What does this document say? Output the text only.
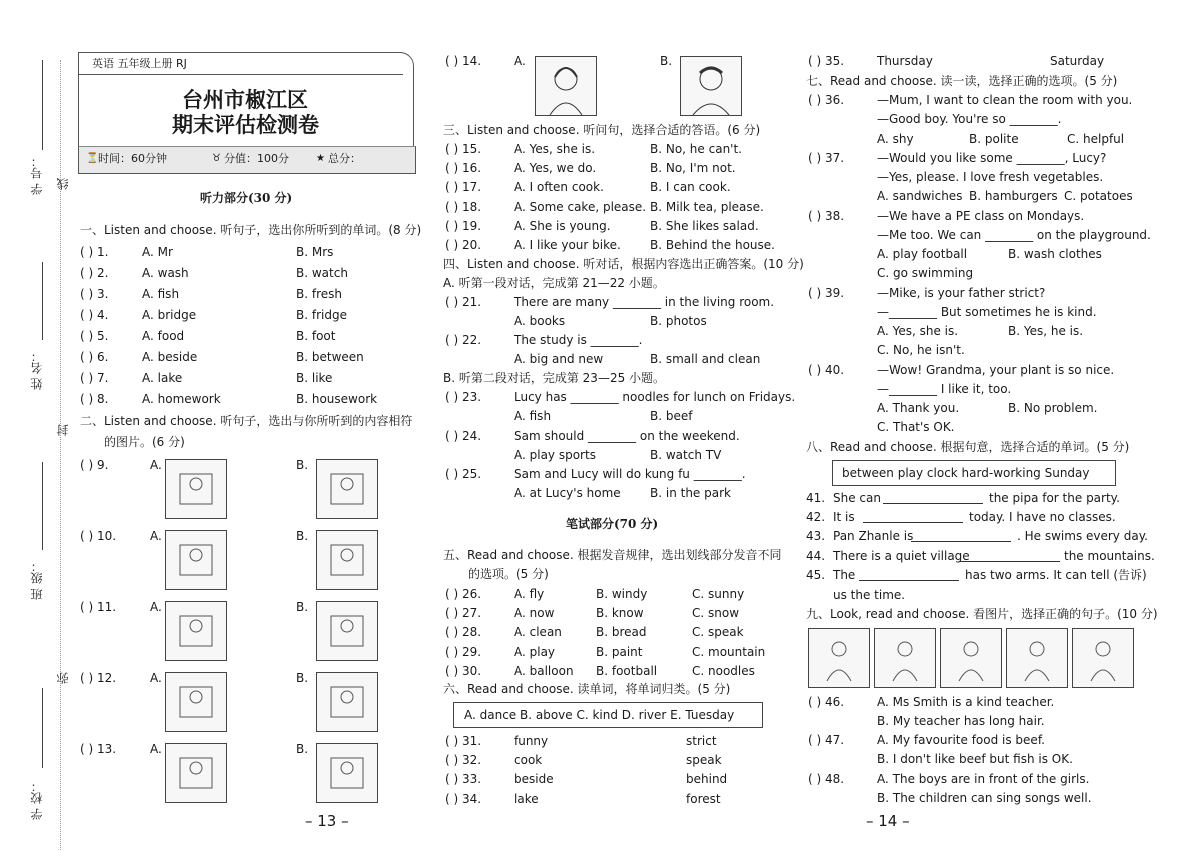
学 号： 线
姓 名：
封
班 级：
弥
学 校：
英语 五年级上册 RJ
台州市椒江区
期末评估检测卷
⏳ 时间：60分钟	♉ 分值：100分	★ 总分：
听力部分(30 分)
一、Listen and choose. 听句子，选出你所听到的单词。(8 分)
( ) 1.	A. Mr	B. Mrs
( ) 2.	A. wash	B. watch
( ) 3.	A. fish	B. fresh
( ) 4.	A. bridge	B. fridge
( ) 5.	A. food	B. foot
( ) 6.	A. beside	B. between
( ) 7.	A. lake	B. like
( ) 8.	A. homework	B. housework
二、Listen and choose. 听句子，选出与你所听到的内容相符
的图片。(6 分)
( ) 9.	A.	B.
( ) 10.	A.	B.
( ) 11.	A.	B.
( ) 12.	A.	B.
( ) 13.	A.	B.
– 13 –
( ) 14.	A.	B.
三、Listen and choose. 听问句，选择合适的答语。(6 分)
( ) 15.	A. Yes, she is.	B. No, he can't.
( ) 16.	A. Yes, we do.	B. No, I'm not.
( ) 17.	A. I often cook.	B. I can cook.
( ) 18.	A. Some cake, please. B. Milk tea, please.
( ) 19.	A. She is young.	B. She likes salad.
( ) 20.	A. I like your bike. B. Behind the house.
四、Listen and choose. 听对话，根据内容选出正确答案。(10 分)
A. 听第一段对话，完成第 21—22 小题。
( ) 21.	There are many ________ in the living room.
A. books	B. photos
( ) 22.	The study is ________.
A. big and new	B. small and clean
B. 听第二段对话，完成第 23—25 小题。
( ) 23.	Lucy has ________ noodles for lunch on Fridays.
A. fish	B. beef
( ) 24.	Sam should ________ on the weekend.
A. play sports	B. watch TV
( ) 25.	Sam and Lucy will do kung fu ________.
A. at Lucy's home B. in the park
笔试部分(70 分)
五、Read and choose. 根据发音规律，选出划线部分发音不同
的选项。(5 分)
( ) 26.	A. fly	B. windy	C. sunny
( ) 27.	A. now	B. know	C. snow
( ) 28.	A. clean	B. bread	C. speak
( ) 29.	A. play	B. paint	C. mountain
( ) 30.	A. balloon B. football	C. noodles
六、Read and choose. 读单词，将单词归类。(5 分)
A. dance B. above C. kind D. river E. Tuesday
( ) 31.	funny	strict
( ) 32.	cook	speak
( ) 33.	beside	behind
( ) 34.	lake	forest
( ) 35.	Thursday	Saturday
– 14 –
七、Read and choose. 读一读，选择正确的选项。(5 分)
( ) 36.	—Mum, I want to clean the room with you.
—Good boy. You're so ________.
A. shy	B. polite	C. helpful
( ) 37.	—Would you like some ________, Lucy?
—Yes, please. I love fresh vegetables.
A. sandwiches B. hamburgers C. potatoes
( ) 38.	—We have a PE class on Mondays.
—Me too. We can ________ on the playground.
A. play football	B. wash clothes
C. go swimming
( ) 39.	—Mike, is your father strict?
—________ But sometimes he is kind.
A. Yes, she is.	B. Yes, he is.
C. No, he isn't.
( ) 40.	—Wow! Grandma, your plant is so nice.
—________ I like it, too.
A. Thank you.	B. No problem.
C. That's OK.
八、Read and choose. 根据句意，选择合适的单词。(5 分)
between play clock hard-working Sunday
41. She can	the pipa for the party.
42. It is	today. I have no classes.
43. Pan Zhanle is	. He swims every day.
44. There is a quiet village	the mountains.
45. The	has two arms. It can tell (告诉)
us the time.
九、Look, read and choose. 看图片，选择正确的句子。(10 分)
( ) 46.	A. Ms Smith is a kind teacher.
B. My teacher has long hair.
( ) 47.	A. My favourite food is beef.
B. I don't like beef but fish is OK.
( ) 48.	A. The boys are in front of the girls.
B. The children can sing songs well.
